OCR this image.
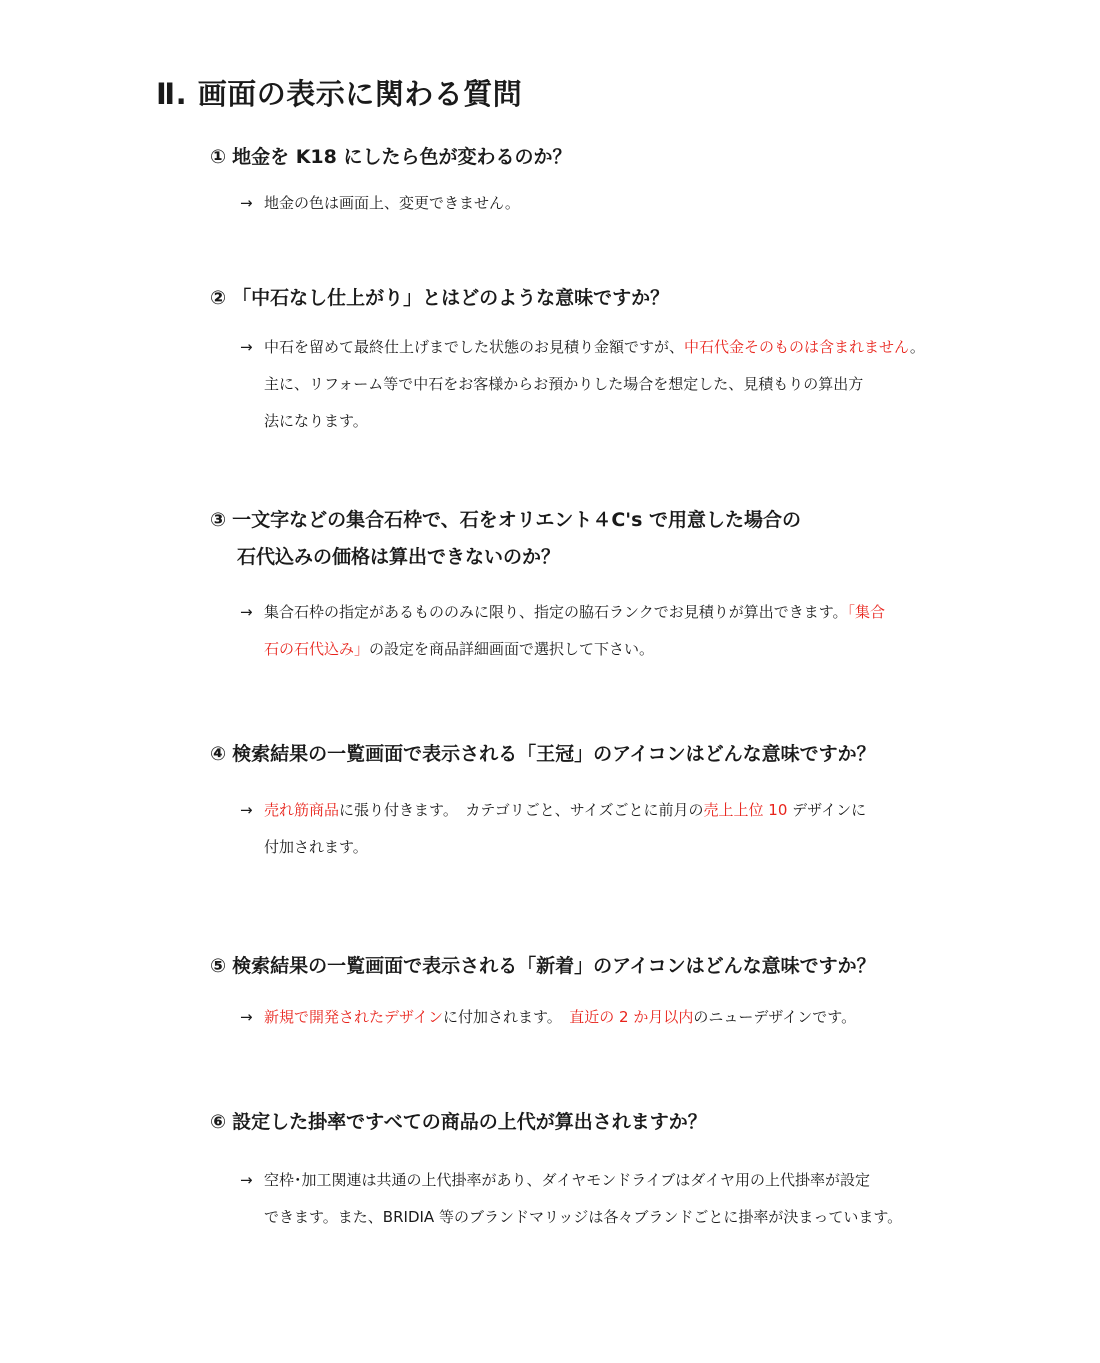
Ⅱ. 画面の表示に関わる質問
① 地金を K18 にしたら色が変わるのか？
→ 地金の色は画面上、変更できません。
② 「中石なし仕上がり」とはどのような意味ですか？
→ 中石を留めて最終仕上げまでした状態のお見積り金額ですが、中石代金そのものは含まれません。
主に、リフォーム等で中石をお客様からお預かりした場合を想定した、見積もりの算出方
法になります。
③ 一文字などの集合石枠で、石をオリエント４C's で用意した場合の
石代込みの価格は算出できないのか？
→ 集合石枠の指定があるもののみに限り、指定の脇石ランクでお見積りが算出できます。「集合
石の石代込み」の設定を商品詳細画面で選択して下さい。
④ 検索結果の一覧画面で表示される「王冠」のアイコンはどんな意味ですか？
→ 売れ筋商品に張り付きます。　カテゴリごと、サイズごとに前月の売上上位 10 デザインに
付加されます。
⑤ 検索結果の一覧画面で表示される「新着」のアイコンはどんな意味ですか？
→ 新規で開発されたデザインに付加されます。　直近の 2 か月以内のニューデザインです。
⑥ 設定した掛率ですべての商品の上代が算出されますか？
→ 空枠･加工関連は共通の上代掛率があり、ダイヤモンドライブはダイヤ用の上代掛率が設定
できます。また、BRIDIA 等のブランドマリッジは各々ブランドごとに掛率が決まっています。
